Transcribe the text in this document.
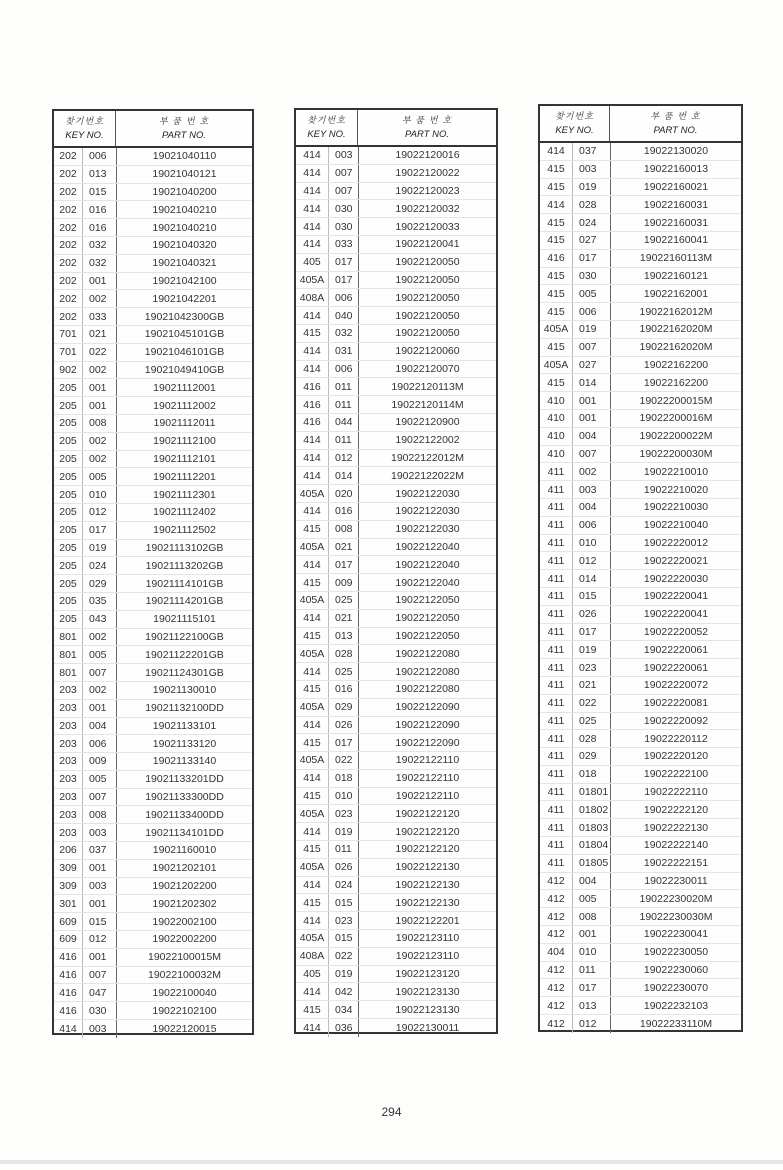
찾기번호
KEY NO.
부 품 번 호
PART NO.
202	006	19021040110
202	013	19021040121
202	015	19021040200
202	016	19021040210
202	016	19021040210
202	032	19021040320
202	032	19021040321
202	001	19021042100
202	002	19021042201
202	033	19021042300GB
701	021	19021045101GB
701	022	19021046101GB
902	002	19021049410GB
205	001	19021112001
205	001	19021112002
205	008	19021112011
205	002	19021112100
205	002	19021112101
205	005	19021112201
205	010	19021112301
205	012	19021112402
205	017	19021112502
205	019	19021113102GB
205	024	19021113202GB
205	029	19021114101GB
205	035	19021114201GB
205	043	19021115101
801	002	19021122100GB
801	005	19021122201GB
801	007	19021124301GB
203	002	19021130010
203	001	19021132100DD
203	004	19021133101
203	006	19021133120
203	009	19021133140
203	005	19021133201DD
203	007	19021133300DD
203	008	19021133400DD
203	003	19021134101DD
206	037	19021160010
309	001	19021202101
309	003	19021202200
301	001	19021202302
609	015	19022002100
609	012	19022002200
416	001	19022100015M
416	007	19022100032M
416	047	19022100040
416	030	19022102100
414	003	19022120015
찾기번호
KEY NO.
부 품 번 호
PART NO.
414	003	19022120016
414	007	19022120022
414	007	19022120023
414	030	19022120032
414	030	19022120033
414	033	19022120041
405	017	19022120050
405A	017	19022120050
408A	006	19022120050
414	040	19022120050
415	032	19022120050
414	031	19022120060
414	006	19022120070
416	011	19022120113M
416	011	19022120114M
416	044	19022120900
414	011	19022122002
414	012	19022122012M
414	014	19022122022M
405A	020	19022122030
414	016	19022122030
415	008	19022122030
405A	021	19022122040
414	017	19022122040
415	009	19022122040
405A	025	19022122050
414	021	19022122050
415	013	19022122050
405A	028	19022122080
414	025	19022122080
415	016	19022122080
405A	029	19022122090
414	026	19022122090
415	017	19022122090
405A	022	19022122110
414	018	19022122110
415	010	19022122110
405A	023	19022122120
414	019	19022122120
415	011	19022122120
405A	026	19022122130
414	024	19022122130
415	015	19022122130
414	023	19022122201
405A	015	19022123110
408A	022	19022123110
405	019	19022123120
414	042	19022123130
415	034	19022123130
414	036	19022130011
찾기번호
KEY NO.
부 품 번 호
PART NO.
414	037	19022130020
415	003	19022160013
415	019	19022160021
414	028	19022160031
415	024	19022160031
415	027	19022160041
416	017	19022160113M
415	030	19022160121
415	005	19022162001
415	006	19022162012M
405A	019	19022162020M
415	007	19022162020M
405A	027	19022162200
415	014	19022162200
410	001	19022200015M
410	001	19022200016M
410	004	19022200022M
410	007	19022200030M
411	002	19022210010
411	003	19022210020
411	004	19022210030
411	006	19022210040
411	010	19022220012
411	012	19022220021
411	014	19022220030
411	015	19022220041
411	026	19022220041
411	017	19022220052
411	019	19022220061
411	023	19022220061
411	021	19022220072
411	022	19022220081
411	025	19022220092
411	028	19022220112
411	029	19022220120
411	018	19022222100
411	01801	19022222110
411	01802	19022222120
411	01803	19022222130
411	01804	19022222140
411	01805	19022222151
412	004	19022230011
412	005	19022230020M
412	008	19022230030M
412	001	19022230041
404	010	19022230050
412	011	19022230060
412	017	19022230070
412	013	19022232103
412	012	19022233110M
294
